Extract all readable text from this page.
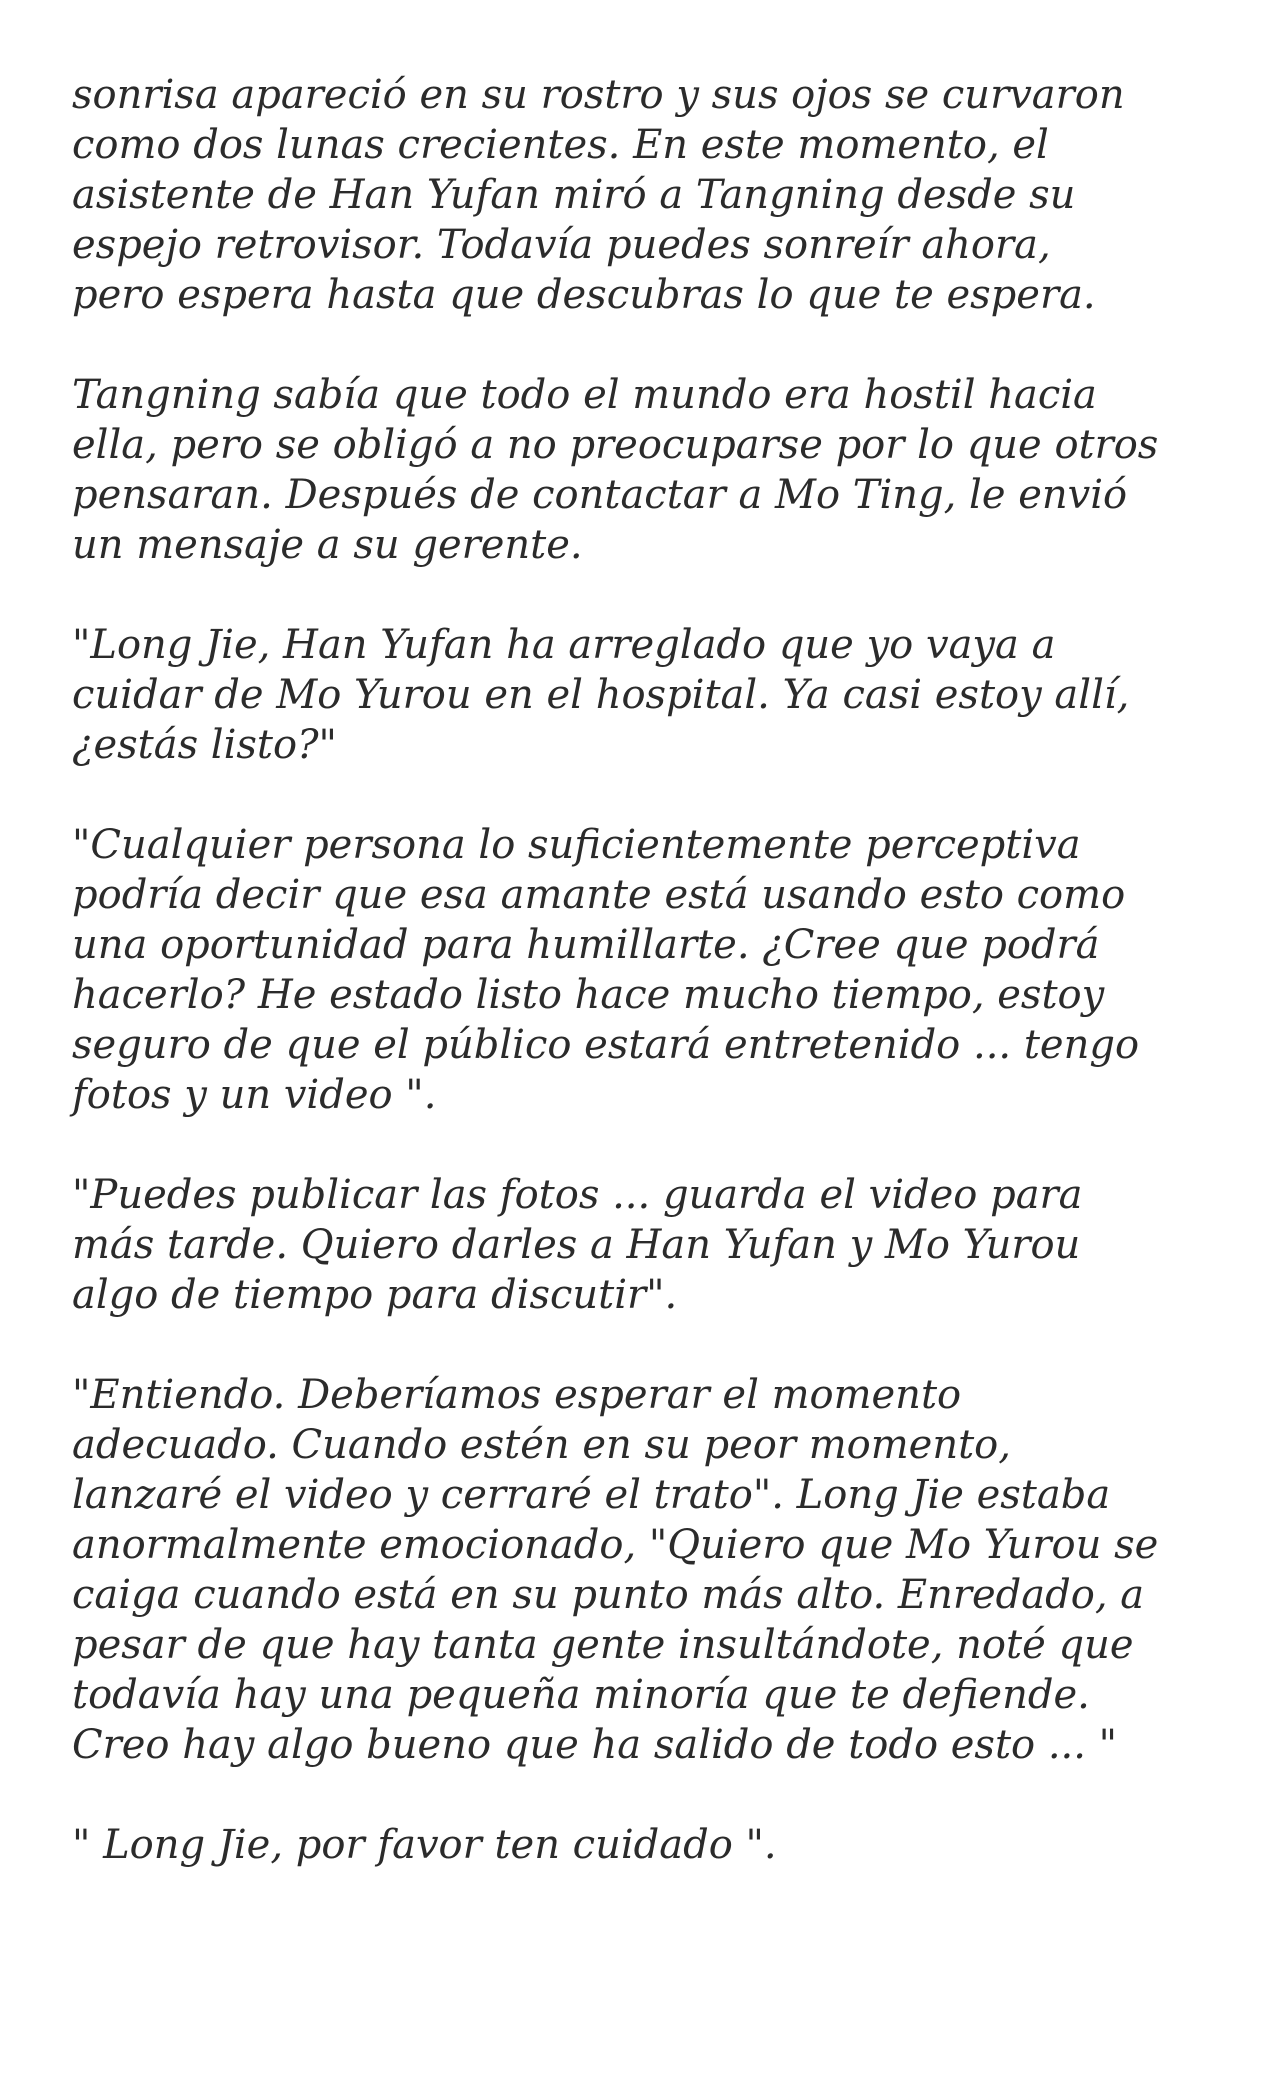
sonrisa apareció en su rostro y sus ojos se curvaron
como dos lunas crecientes. En este momento, el
asistente de Han Yufan miró a Tangning desde su
espejo retrovisor. Todavía puedes sonreír ahora,
pero espera hasta que descubras lo que te espera.

Tangning sabía que todo el mundo era hostil hacia
ella, pero se obligó a no preocuparse por lo que otros
pensaran. Después de contactar a Mo Ting, le envió
un mensaje a su gerente.

"Long Jie, Han Yufan ha arreglado que yo vaya a
cuidar de Mo Yurou en el hospital. Ya casi estoy allí,
¿estás listo?"

"Cualquier persona lo suficientemente perceptiva
podría decir que esa amante está usando esto como
una oportunidad para humillarte. ¿Cree que podrá
hacerlo? He estado listo hace mucho tiempo, estoy
seguro de que el público estará entretenido ... tengo
fotos y un video ".

"Puedes publicar las fotos ... guarda el video para
más tarde. Quiero darles a Han Yufan y Mo Yurou
algo de tiempo para discutir".

"Entiendo. Deberíamos esperar el momento
adecuado. Cuando estén en su peor momento,
lanzaré el video y cerraré el trato". Long Jie estaba
anormalmente emocionado, "Quiero que Mo Yurou se
caiga cuando está en su punto más alto. Enredado, a
pesar de que hay tanta gente insultándote, noté que
todavía hay una pequeña minoría que te defiende.
Creo hay algo bueno que ha salido de todo esto ... "

" Long Jie, por favor ten cuidado ".
